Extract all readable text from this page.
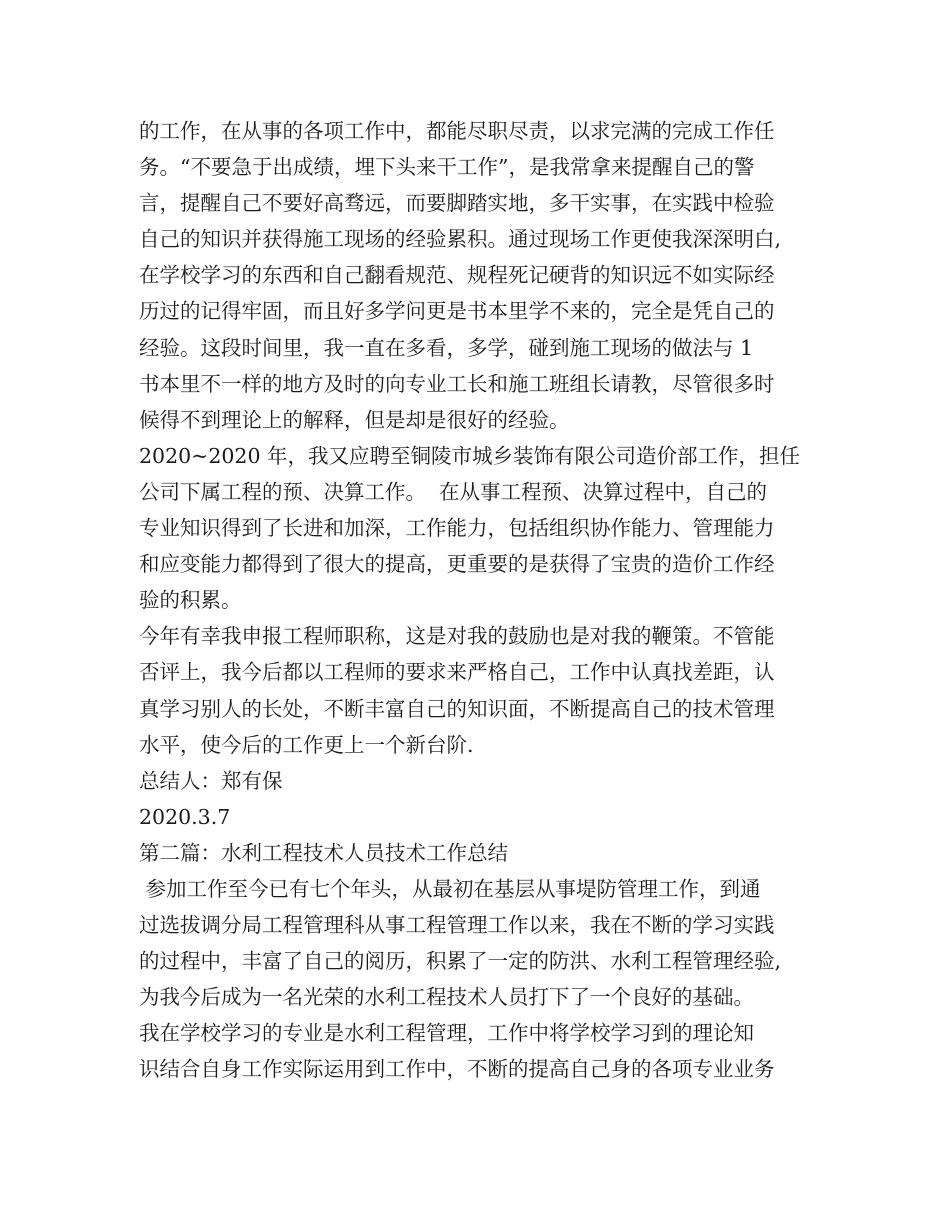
的工作，在从事的各项工作中，都能尽职尽责，以求完满的完成工作任
务。“不要急于出成绩，埋下头来干工作”，是我常拿来提醒自己的警
言，提醒自己不要好高骛远，而要脚踏实地，多干实事，在实践中检验
自己的知识并获得施工现场的经验累积。通过现场工作更使我深深明白,
在学校学习的东西和自己翻看规范、规程死记硬背的知识远不如实际经
历过的记得牢固，而且好多学问更是书本里学不来的，完全是凭自己的
经验。这段时间里，我一直在多看，多学，碰到施工现场的做法与 1
书本里不一样的地方及时的向专业工长和施工班组长请教，尽管很多时
候得不到理论上的解释，但是却是很好的经验。
2020~2020 年，我又应聘至铜陵市城乡装饰有限公司造价部工作，担任
公司下属工程的预、决算工作。  在从事工程预、决算过程中，自己的
专业知识得到了长进和加深，工作能力，包括组织协作能力、管理能力
和应变能力都得到了很大的提高，更重要的是获得了宝贵的造价工作经
验的积累。
今年有幸我申报工程师职称，这是对我的鼓励也是对我的鞭策。不管能
否评上，我今后都以工程师的要求来严格自己，工作中认真找差距，认
真学习别人的长处，不断丰富自己的知识面，不断提高自己的技术管理
水平，使今后的工作更上一个新台阶.
总结人：郑有保
2020.3.7
第二篇：水利工程技术人员技术工作总结
参加工作至今已有七个年头，从最初在基层从事堤防管理工作，到通
过选拔调分局工程管理科从事工程管理工作以来，我在不断的学习实践
的过程中，丰富了自己的阅历，积累了一定的防洪、水利工程管理经验,
为我今后成为一名光荣的水利工程技术人员打下了一个良好的基础。
我在学校学习的专业是水利工程管理，工作中将学校学习到的理论知
识结合自身工作实际运用到工作中，不断的提高自己身的各项专业业务
